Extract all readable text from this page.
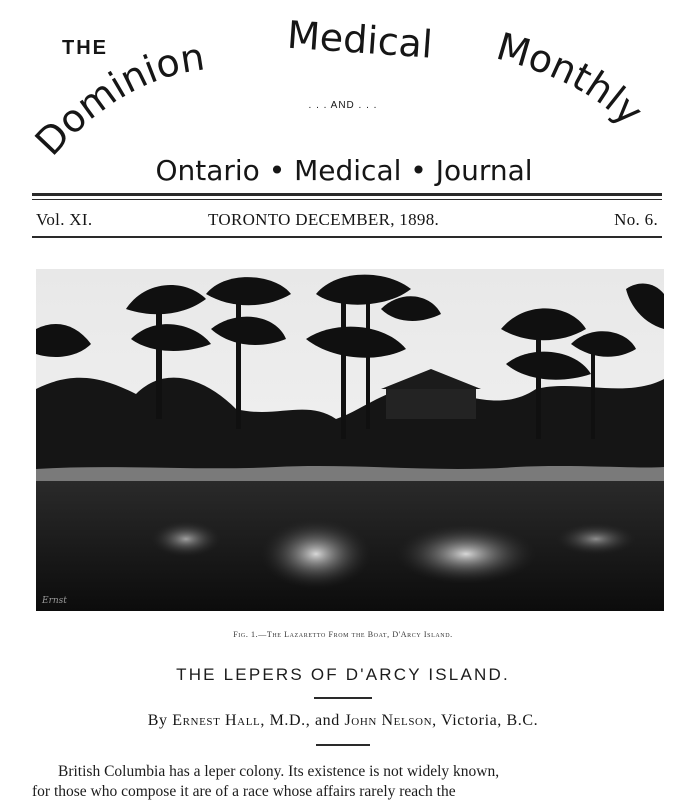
THE
Dominion Medical Monthly
. . . AND . . .
Ontario • Medical • Journal
Vol. XI.	TORONTO DECEMBER, 1898.	No. 6.
Ernst
Fig. 1.—The Lazaretto From the Boat, D'Arcy Island.
THE LEPERS OF D'ARCY ISLAND.
By Ernest Hall, M.D., and John Nelson, Victoria, B.C.

British Columbia has a leper colony. Its existence is not widely known,

for those who compose it are of a race whose affairs rarely reach the
